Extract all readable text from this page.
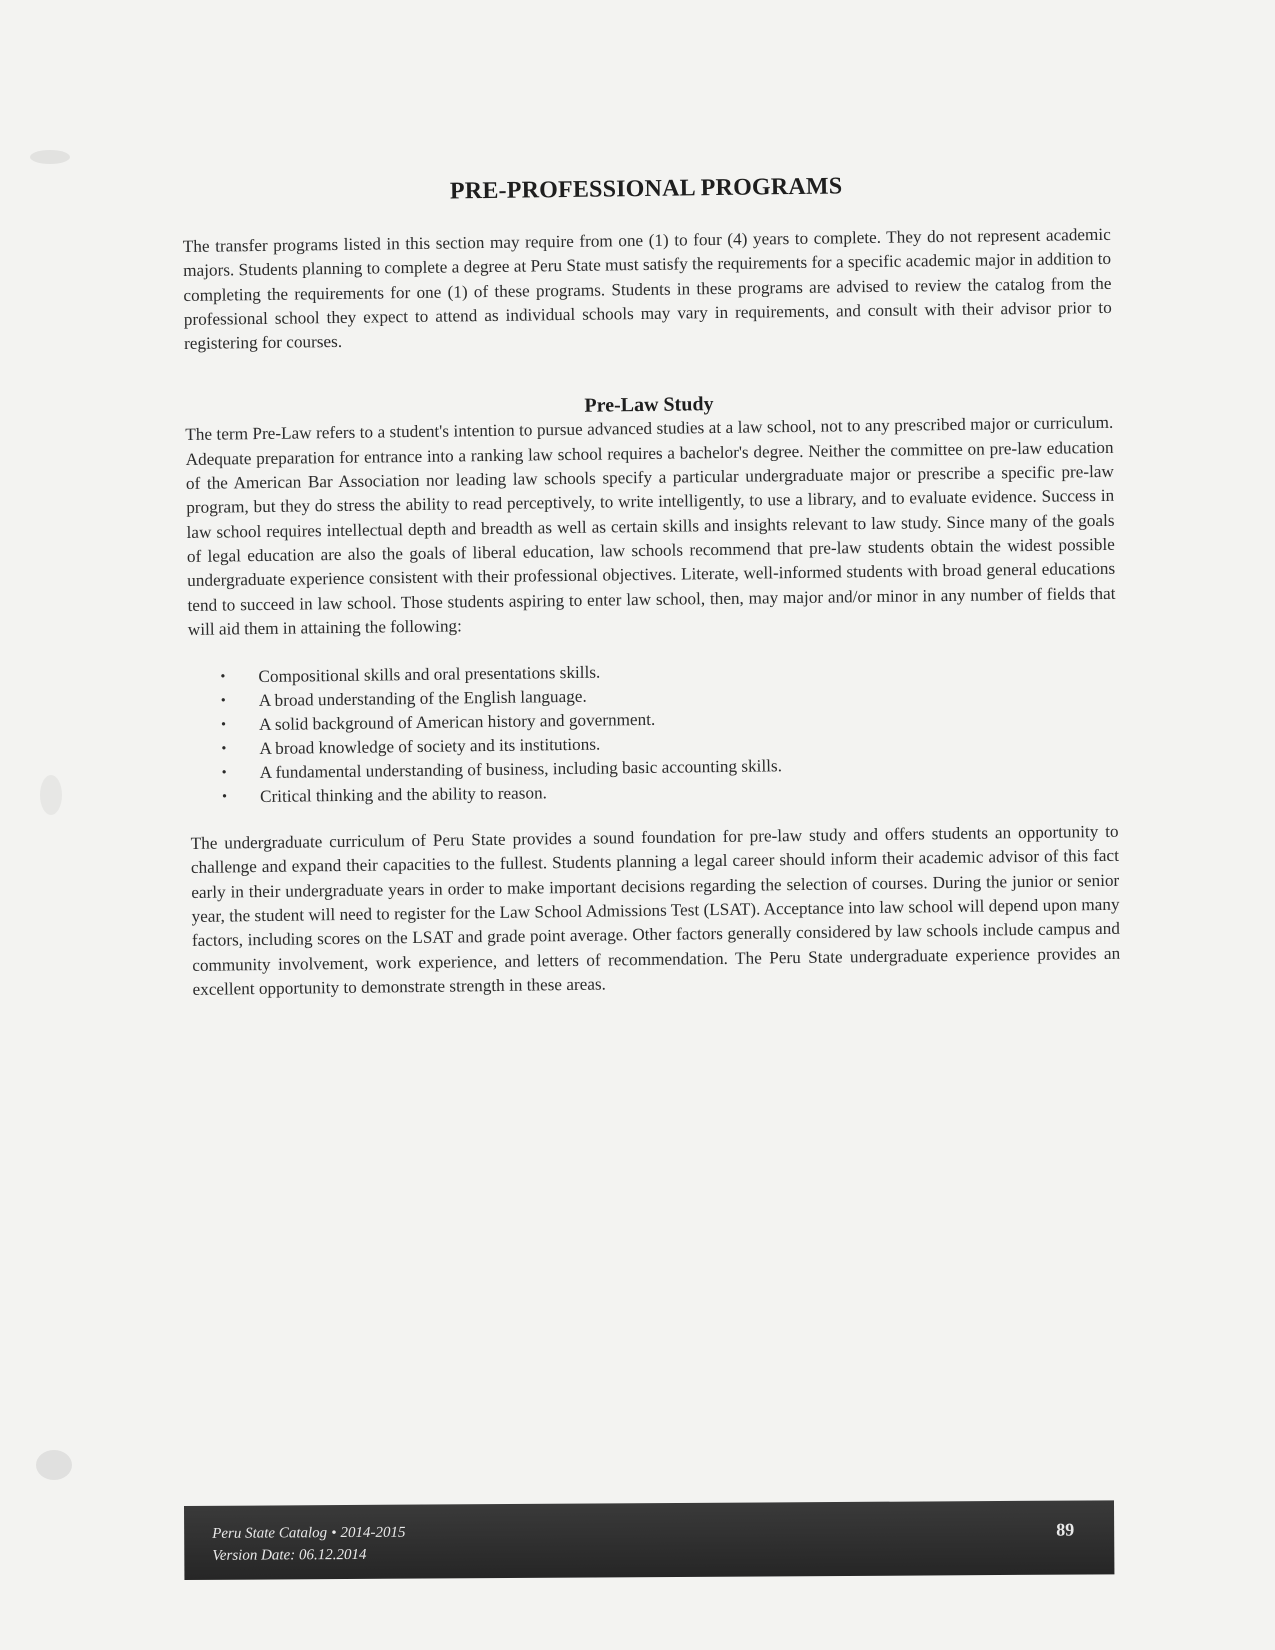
PRE-PROFESSIONAL PROGRAMS

The transfer programs listed in this section may require from one (1) to four (4) years to complete. They do not represent academic majors. Students planning to complete a degree at Peru State must satisfy the requirements for a specific academic major in addition to completing the requirements for one (1) of these programs. Students in these programs are advised to review the catalog from the professional school they expect to attend as individual schools may vary in requirements, and consult with their advisor prior to registering for courses.

Pre-Law Study

The term Pre-Law refers to a student's intention to pursue advanced studies at a law school, not to any prescribed major or curriculum. Adequate preparation for entrance into a ranking law school requires a bachelor's degree. Neither the committee on pre-law education of the American Bar Association nor leading law schools specify a particular undergraduate major or prescribe a specific pre-law program, but they do stress the ability to read perceptively, to write intelligently, to use a library, and to evaluate evidence. Success in law school requires intellectual depth and breadth as well as certain skills and insights relevant to law study. Since many of the goals of legal education are also the goals of liberal education, law schools recommend that pre-law students obtain the widest possible undergraduate experience consistent with their professional objectives. Literate, well-informed students with broad general educations tend to succeed in law school. Those students aspiring to enter law school, then, may major and/or minor in any number of fields that will aid them in attaining the following:

• Compositional skills and oral presentations skills.
• A broad understanding of the English language.
• A solid background of American history and government.
• A broad knowledge of society and its institutions.
• A fundamental understanding of business, including basic accounting skills.
• Critical thinking and the ability to reason.

The undergraduate curriculum of Peru State provides a sound foundation for pre-law study and offers students an opportunity to challenge and expand their capacities to the fullest. Students planning a legal career should inform their academic advisor of this fact early in their undergraduate years in order to make important decisions regarding the selection of courses. During the junior or senior year, the student will need to register for the Law School Admissions Test (LSAT). Acceptance into law school will depend upon many factors, including scores on the LSAT and grade point average. Other factors generally considered by law schools include campus and community involvement, work experience, and letters of recommendation. The Peru State undergraduate experience provides an excellent opportunity to demonstrate strength in these areas.

Peru State Catalog • 2014-2015
Version Date: 06.12.2014
89
